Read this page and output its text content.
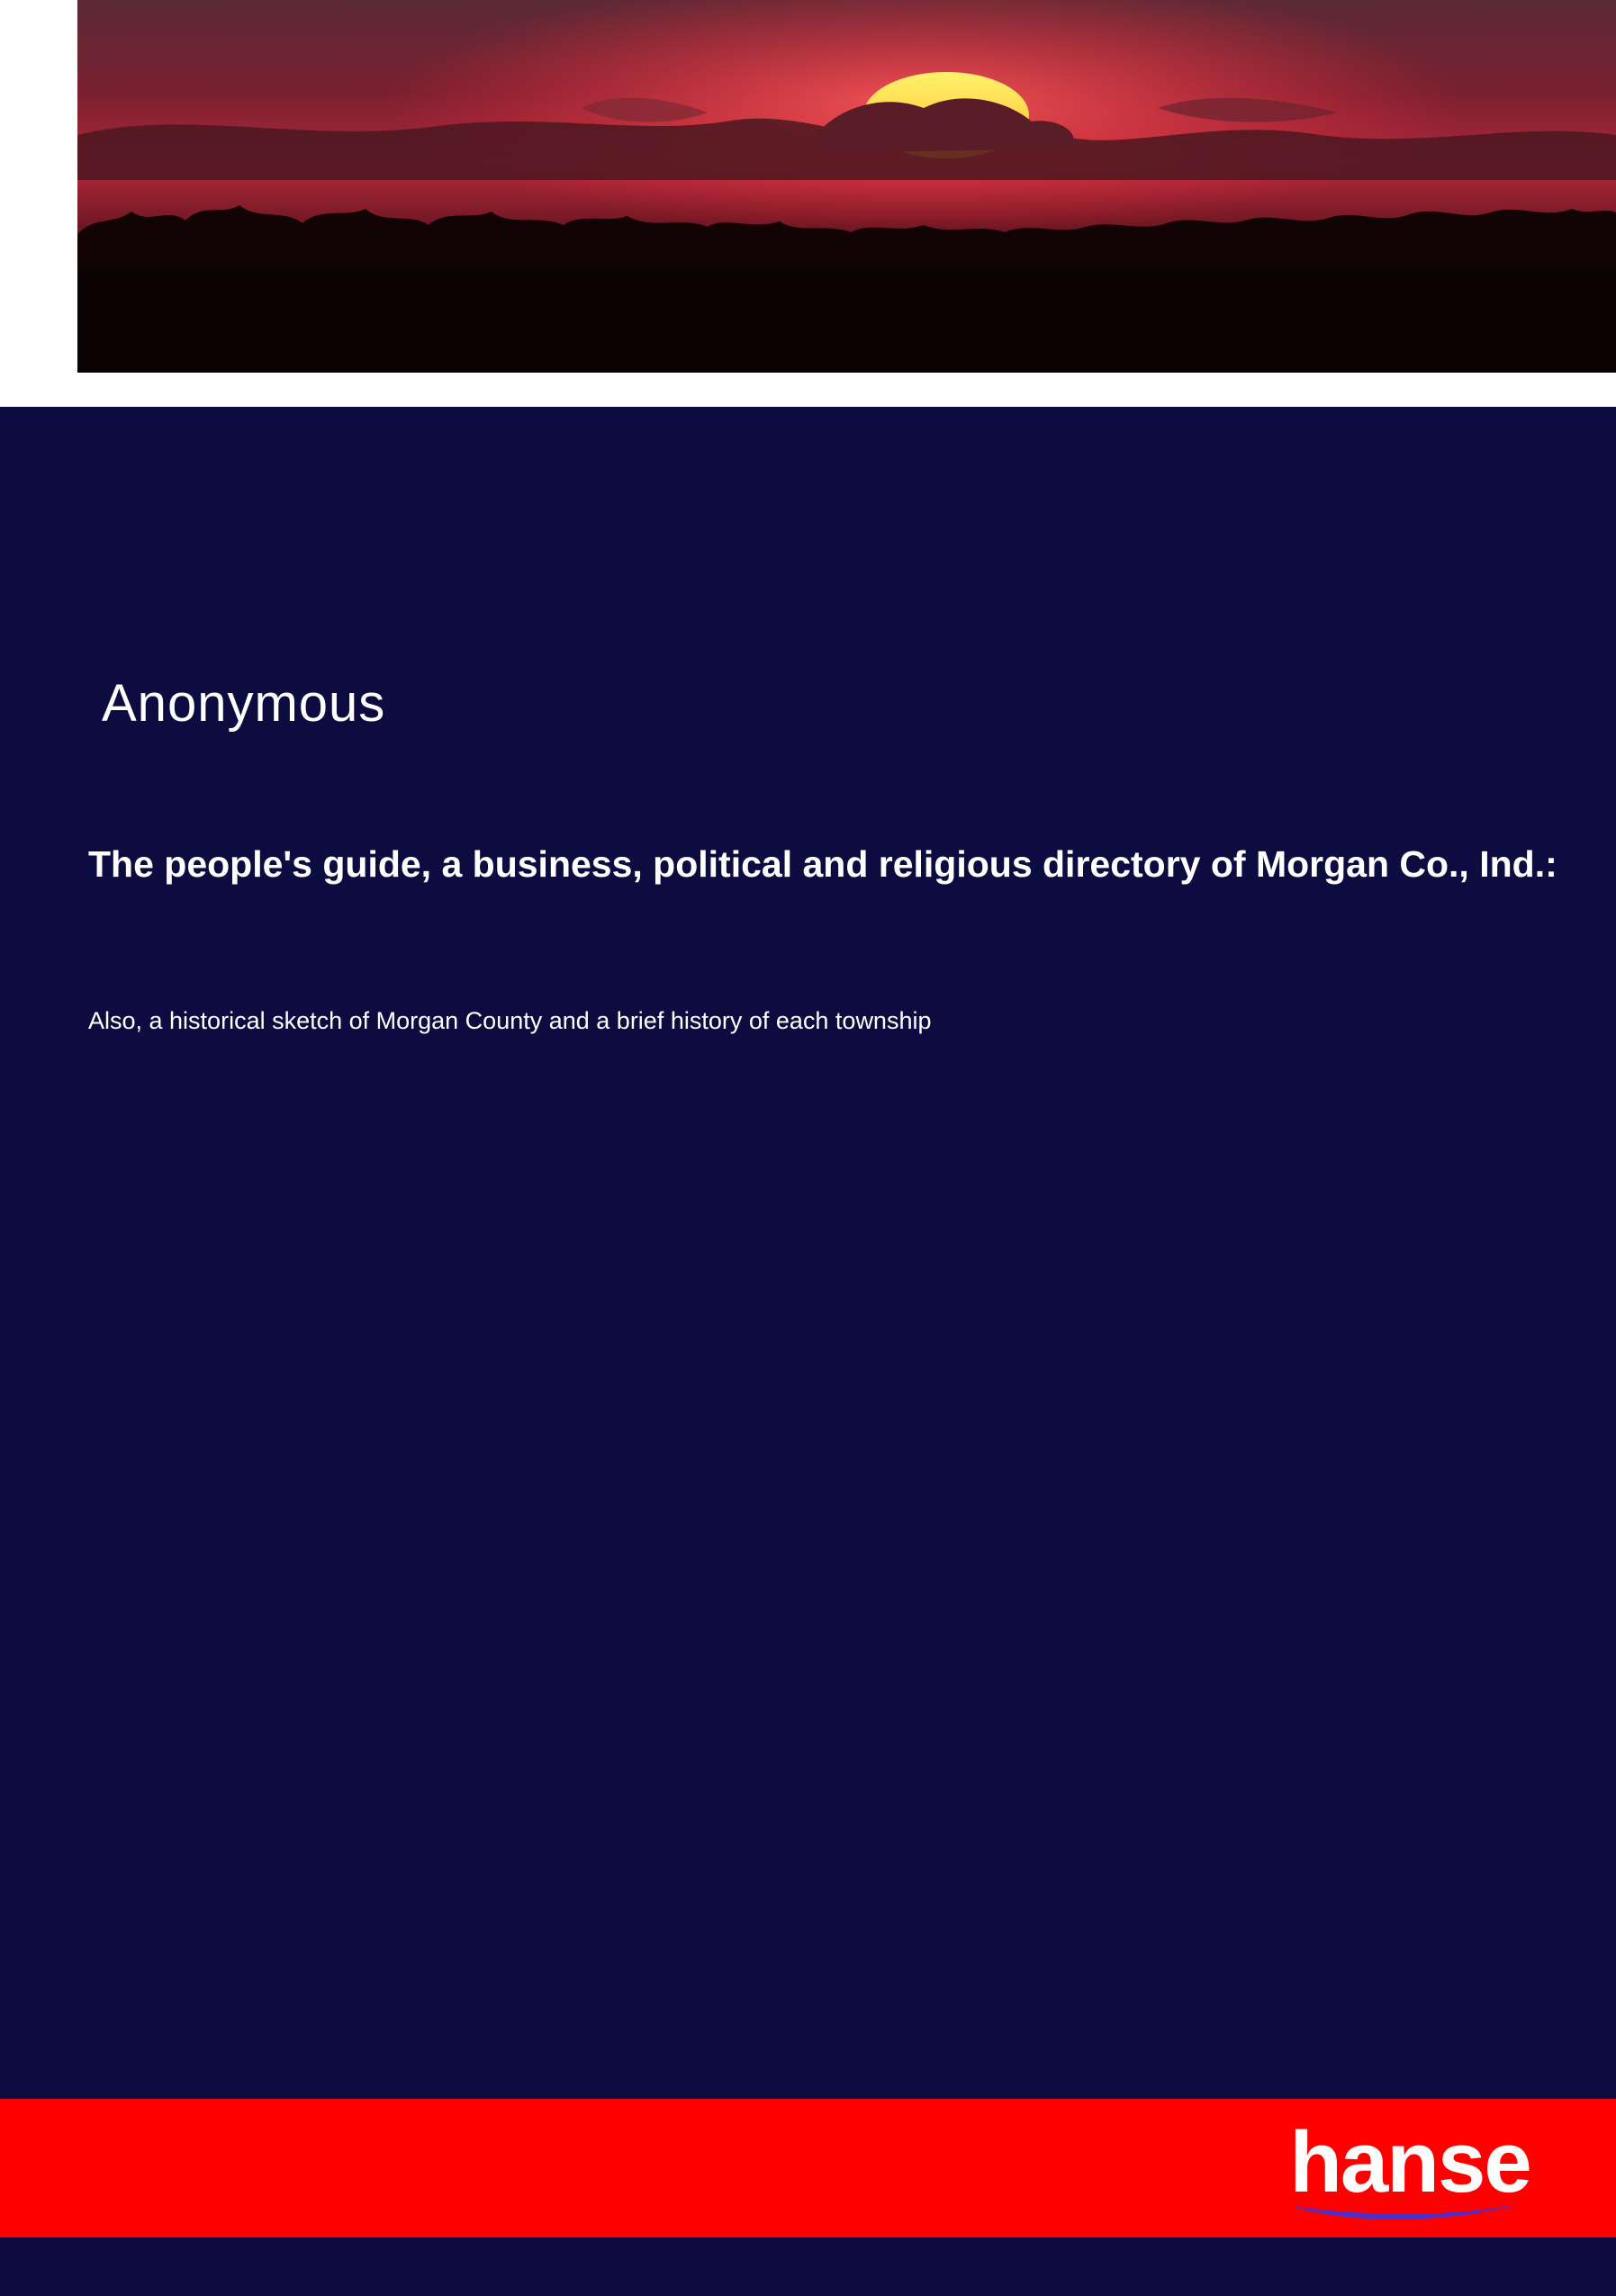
Anonymous
The people's guide, a business, political and religious directory of Morgan Co., Ind.:
Also, a historical sketch of Morgan County and a brief history of each township
hanse
